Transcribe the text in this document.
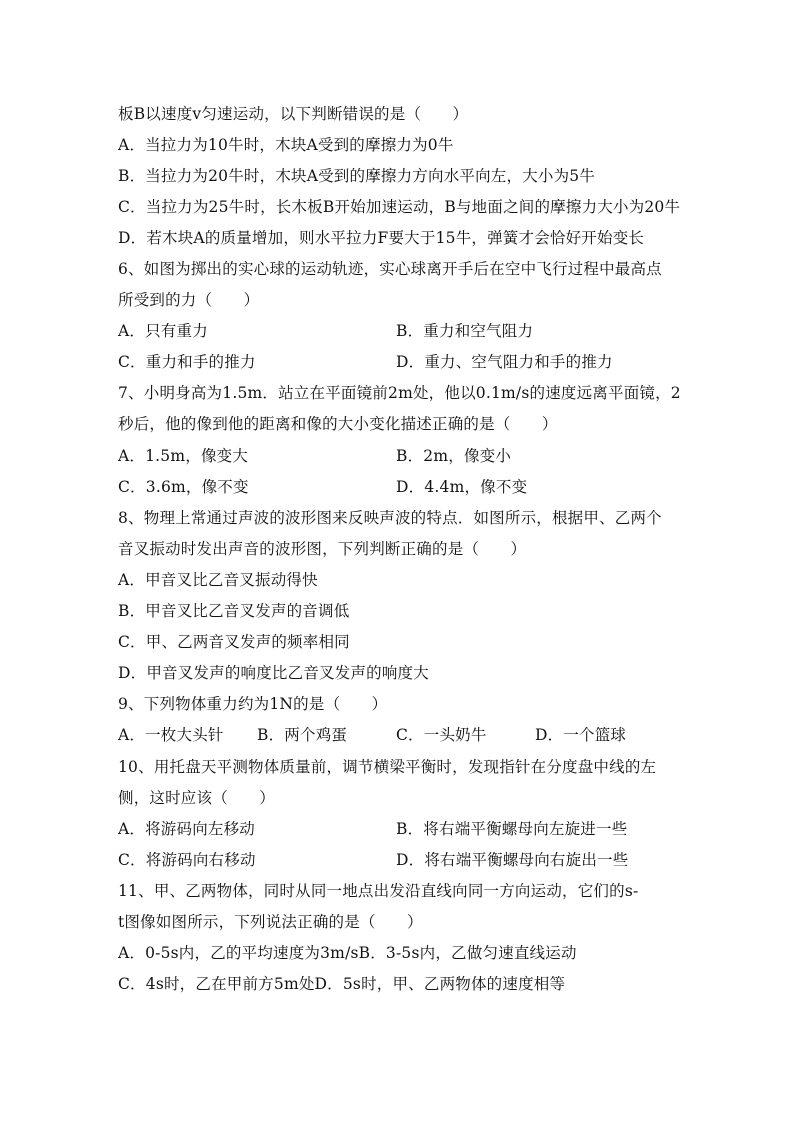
板B以速度v匀速运动，以下判断错误的是（　　）
A．当拉力为10牛时，木块A受到的摩擦力为0牛
B．当拉力为20牛时，木块A受到的摩擦力方向水平向左，大小为5牛
C．当拉力为25牛时，长木板B开始加速运动，B与地面之间的摩擦力大小为20牛
D．若木块A的质量增加，则水平拉力F要大于15牛，弹簧才会恰好开始变长
6、如图为掷出的实心球的运动轨迹，实心球离开手后在空中飞行过程中最高点
所受到的力（　　）
A．只有重力	B．重力和空气阻力
C．重力和手的推力	D．重力、空气阻力和手的推力
7、小明身高为1.5m．站立在平面镜前2m处，他以0.1m/s的速度远离平面镜，2
秒后，他的像到他的距离和像的大小变化描述正确的是（　　）
A．1.5m，像变大	B．2m，像变小
C．3.6m，像不变	D．4.4m，像不变
8、物理上常通过声波的波形图来反映声波的特点．如图所示，根据甲、乙两个
音叉振动时发出声音的波形图，下列判断正确的是（　　）
A．甲音叉比乙音叉振动得快
B．甲音叉比乙音叉发声的音调低
C．甲、乙两音叉发声的频率相同
D．甲音叉发声的响度比乙音叉发声的响度大
9、下列物体重力约为1N的是（　　）
A．一枚大头针 B．两个鸡蛋	C．一头奶牛	D．一个篮球
10、用托盘天平测物体质量前，调节横梁平衡时，发现指针在分度盘中线的左
侧，这时应该（　　）
A．将游码向左移动	B．将右端平衡螺母向左旋进一些
C．将游码向右移动	D．将右端平衡螺母向右旋出一些
11、甲、乙两物体，同时从同一地点出发沿直线向同一方向运动，它们的s-
t图像如图所示，下列说法正确的是（　　）
A．0-5s内，乙的平均速度为3m/sB．3-5s内，乙做匀速直线运动
C．4s时，乙在甲前方5m处D．5s时，甲、乙两物体的速度相等
